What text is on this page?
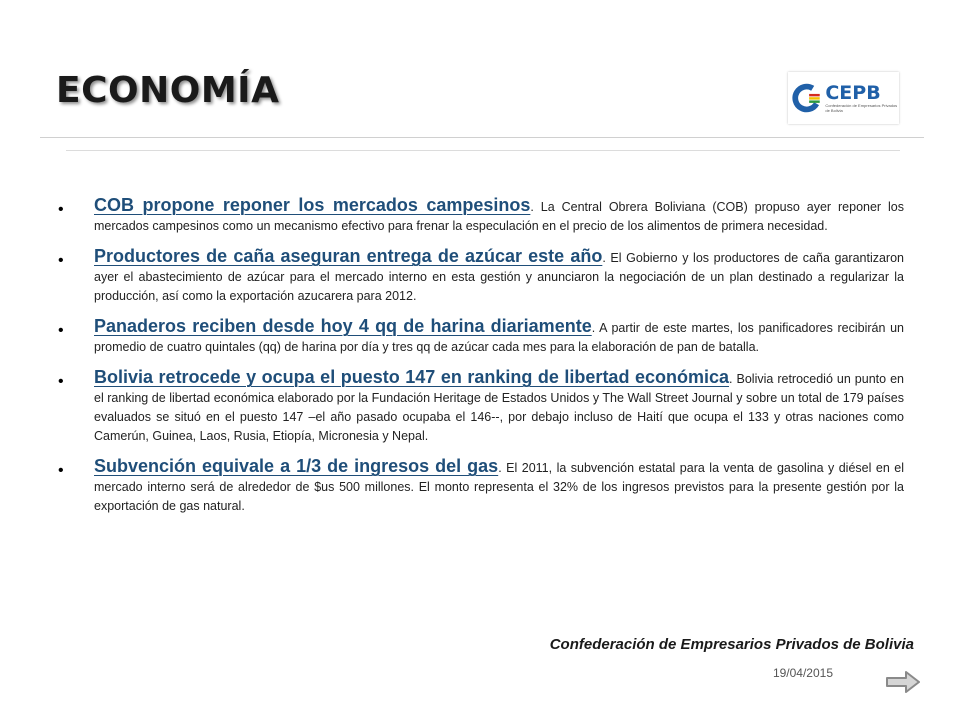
ECONOMÍA	CEPB
Confederación de Empresarios Privados de Bolivia
•	COB propone reponer los mercados campesinos. La Central Obrera Boliviana (COB) propuso ayer reponer los mercados campesinos como un mecanismo efectivo para frenar la especulación en el precio de los alimentos de primera necesidad.
•	Productores de caña aseguran entrega de azúcar este año. El Gobierno y los productores de caña garantizaron ayer el abastecimiento de azúcar para el mercado interno en esta gestión y anunciaron la negociación de un plan destinado a regularizar la producción, así como la exportación azucarera para 2012.
•	Panaderos reciben desde hoy 4 qq de harina diariamente. A partir de este martes, los panificadores recibirán un promedio de cuatro quintales (qq) de harina por día y tres qq de azúcar cada mes para la elaboración de pan de batalla.
•	Bolivia retrocede y ocupa el puesto 147 en ranking de libertad económica. Bolivia retrocedió un punto en el ranking de libertad económica elaborado por la Fundación Heritage de Estados Unidos y The Wall Street Journal y sobre un total de 179 países evaluados se situó en el puesto 147 –el año pasado ocupaba el 146--, por debajo incluso de Haití que ocupa el 133 y otras naciones como Camerún, Guinea, Laos, Rusia, Etiopía, Micronesia y Nepal.
•	Subvención equivale a 1/3 de ingresos del gas. El 2011, la subvención estatal para la venta de gasolina y diésel en el mercado interno será de alrededor de $us 500 millones. El monto representa el 32% de los ingresos previstos para la presente gestión por la exportación de gas natural.

Confederación de Empresarios Privados de Bolivia

19/04/2015
